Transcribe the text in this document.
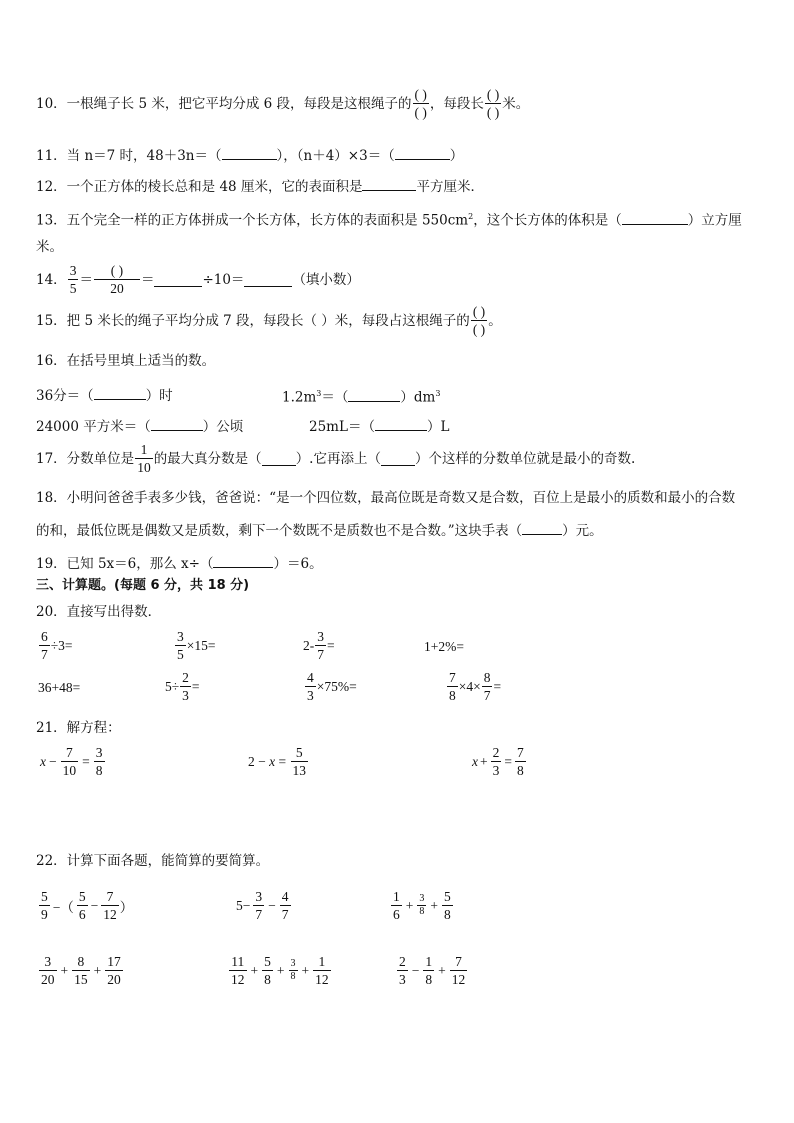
10．一根绳子长 5 米，把它平均分成 6 段，每段是这根绳子的 $\frac{( )}{( )}$ ，每段长 $\frac{( )}{( )}$ 米。
11．当 n＝7 时，48＋3n＝（	），（n＋4）×3＝（	）
12．一个正方体的棱长总和是 48 厘米，它的表面积是	平方厘米．
13．五个完全一样的正方体拼成一个长方体，长方体的表面积是 $550cm^2$，这个长方体的体积是（	）立方厘
米。
14． $\frac{3}{5} = \frac{( )}{20}$ ＝	÷10＝	（填小数）
15．把 5 米长的绳子平均分成 7 段，每段长（ ）米，每段占这根绳子的 $\frac{( )}{( )}$ 。
16．在括号里填上适当的数。
36分＝（	）时	$1.2m^3=$（	）$dm^3$
24000 平方米＝（	）公顷	25mL＝（	）L
17．分数单位是 $\frac{1}{10}$ 的最大真分数是（	）.它再添上（	）个这样的分数单位就是最小的奇数.
18．小明问爸爸手表多少钱，爸爸说：“是一个四位数，最高位既是奇数又是合数，百位上是最小的质数和最小的合数
的和，最低位既是偶数又是质数，剩下一个数既不是质数也不是合数。”这块手表（	）元。
19．已知 5x＝6，那么 x÷（	）＝6。
三、计算题。(每题 6 分，共 18 分)
20．直接写出得数．
$\frac{6}{7} \div 3=$	$\frac{3}{5} \times 15=$	$2- \frac{3}{7}$ =	1+2%=
36+48=	$5\div \frac{2}{3}$ =	$\frac{4}{3} \times 75\%=$	$\frac{7}{8} \times 4\times \frac{8}{7}$ =
21．解方程：
$x - \frac{7}{10} = \frac{3}{8}$	$2 - x = \frac{5}{13}$	$x + \frac{2}{3} = \frac{7}{8}$
22．计算下面各题，能简算的要简算。
$\frac{5}{9}$ −（ $\frac{5}{6} - \frac{7}{12}$ ）	$5- \frac{3}{7} - \frac{4}{7}$	$\frac{1}{6} + \frac{3}{8} + \frac{5}{8}$
$\frac{3}{20} + \frac{8}{15} + \frac{17}{20}$	$\frac{11}{12} + \frac{5}{8} + \frac{3}{8} + \frac{1}{12}$	$\frac{2}{3} - \frac{1}{8} + \frac{7}{12}$
